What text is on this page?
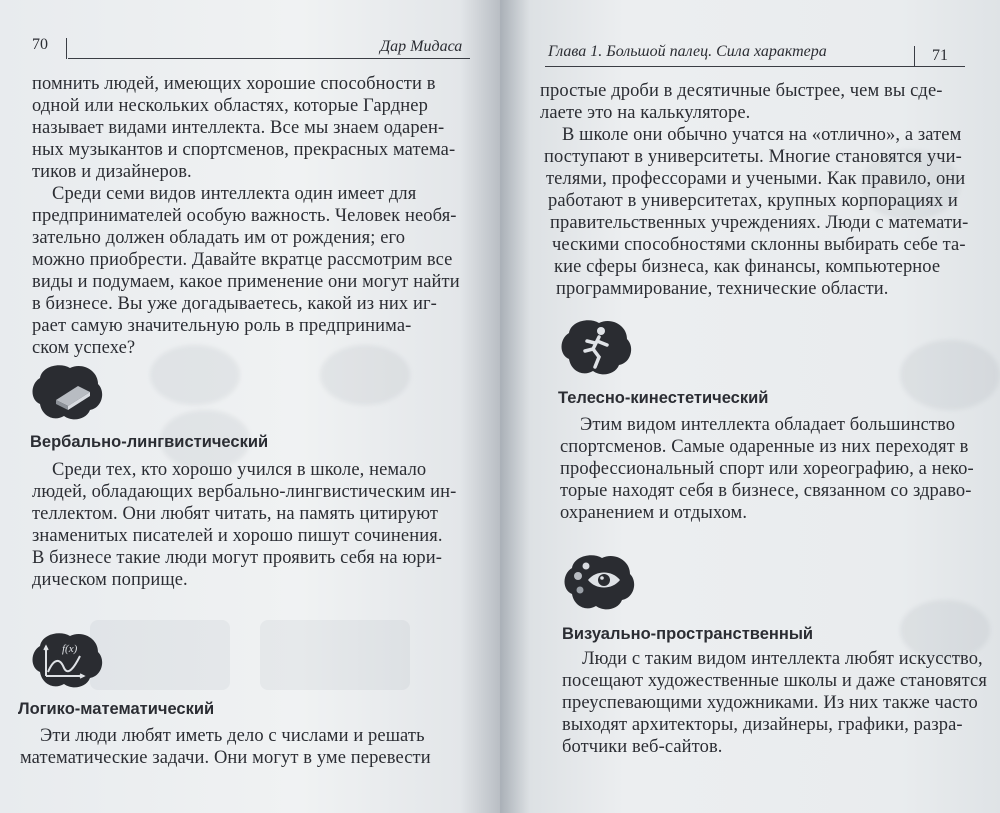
70	Дар Мидаса
помнить людей, имеющих хорошие способности в
одной или нескольких областях, которые Гарднер
называет видами интеллекта. Все мы знаем одарен-
ных музыкантов и спортсменов, прекрасных матема-
тиков и дизайнеров.
Среди семи видов интеллекта один имеет для
предпринимателей особую важность. Человек необя-
зательно должен обладать им от рождения; его
можно приобрести. Давайте вкратце рассмотрим все
виды и подумаем, какое применение они могут найти
в бизнесе. Вы уже догадываетесь, какой из них иг-
рает самую значительную роль в предпринима-
ском успехе?
Вербально-лингвистический
Среди тех, кто хорошо учился в школе, немало
людей, обладающих вербально-лингвистическим ин-
теллектом. Они любят читать, на память цитируют
знаменитых писателей и хорошо пишут сочинения.
В бизнесе такие люди могут проявить себя на юри-
дическом поприще.
f(x)
Логико-математический
Эти люди любят иметь дело с числами и решать
математические задачи. Они могут в уме перевести
Глава 1. Большой палец. Сила характера	71
простые дроби в десятичные быстрее, чем вы сде-
лаете это на калькуляторе.
В школе они обычно учатся на «отлично», а затем
поступают в университеты. Многие становятся учи-
телями, профессорами и учеными. Как правило, они
работают в университетах, крупных корпорациях и
правительственных учреждениях. Люди с математи-
ческими способностями склонны выбирать себе та-
кие сферы бизнеса, как финансы, компьютерное
программирование, технические области.
Телесно-кинестетический
Этим видом интеллекта обладает большинство
спортсменов. Самые одаренные из них переходят в
профессиональный спорт или хореографию, а неко-
торые находят себя в бизнесе, связанном со здраво-
охранением и отдыхом.
Визуально-пространственный
Люди с таким видом интеллекта любят искусство,
посещают художественные школы и даже становятся
преуспевающими художниками. Из них также часто
выходят архитекторы, дизайнеры, графики, разра-
ботчики веб-сайтов.
